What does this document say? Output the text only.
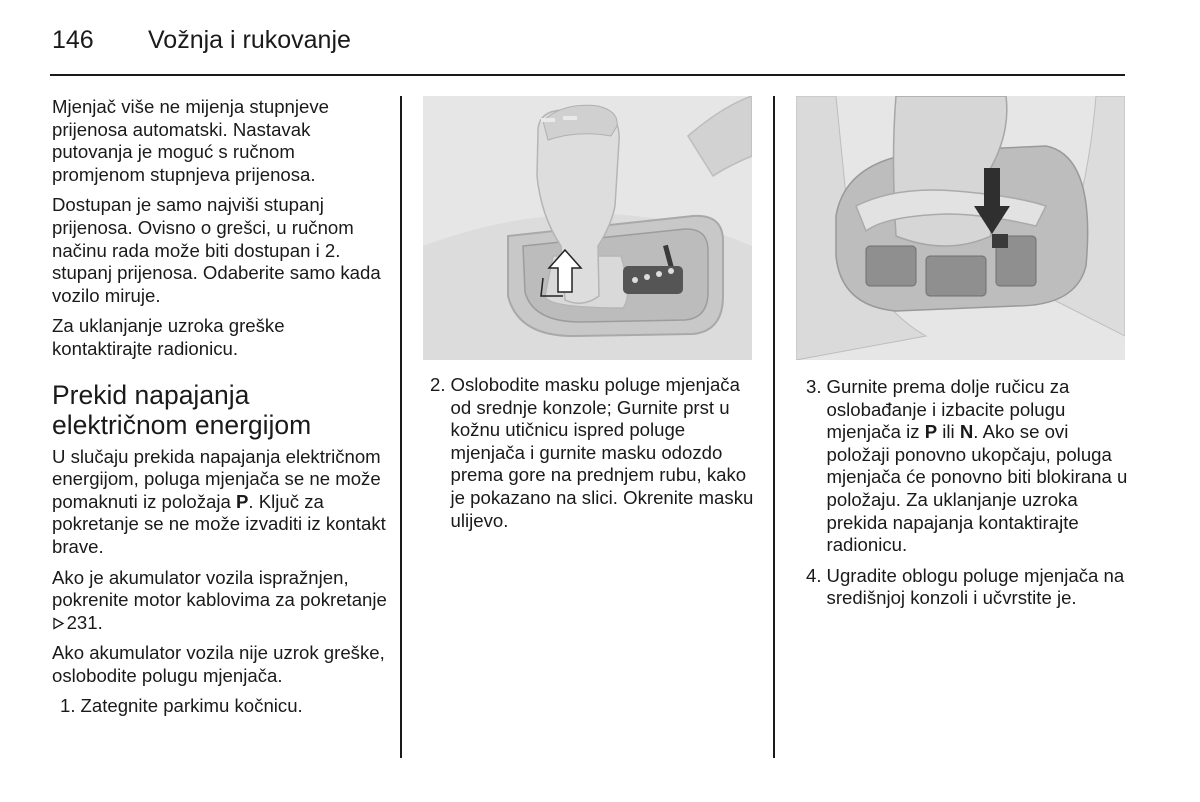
146 Vožnja i rukovanje

Mjenjač više ne mijenja stupnjeve prijenosa automatski. Nastavak putovanja je moguć s ručnom promjenom stupnjeva prijenosa.

Dostupan je samo najviši stupanj prijenosa. Ovisno o grešci, u ručnom načinu rada može biti dostupan i 2. stupanj prijenosa. Odaberite samo kada vozilo miruje.

Za uklanjanje uzroka greške kontaktirajte radionicu.

Prekid napajanja električnom energijom

U slučaju prekida napajanja električnom energijom, poluga mjenjača se ne može pomaknuti iz položaja P. Ključ za pokretanje se ne može izvaditi iz kontakt brave.

Ako je akumulator vozila ispražnjen, pokrenite motor kablovima za pokretanje  231.

Ako akumulator vozila nije uzrok greške, oslobodite polugu mjenjača.

1. Zategnite parkimu kočnicu.
2. Oslobodite masku poluge mjenjača od srednje konzole; Gurnite prst u kožnu utičnicu ispred poluge mjenjača i gurnite masku odozdo prema gore na prednjem rubu, kako je pokazano na slici. Okrenite masku ulijevo.
3. Gurnite prema dolje ručicu za oslobađanje i izbacite polugu mjenjača iz P ili N. Ako se ovi položaji ponovno ukopčaju, poluga mjenjača će ponovno biti blokirana u položaju. Za uklanjanje uzroka prekida napajanja kontaktirajte radionicu.
4. Ugradite oblogu poluge mjenjača na središnjoj konzoli i učvrstite je.
